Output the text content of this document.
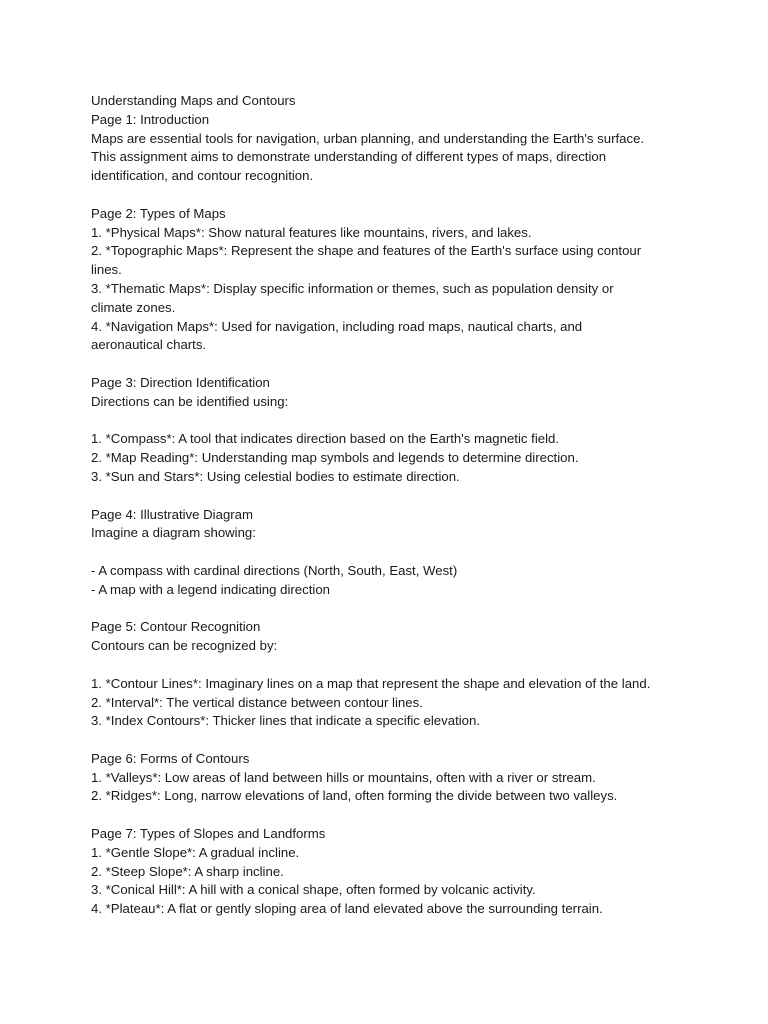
Understanding Maps and Contours
Page 1: Introduction
Maps are essential tools for navigation, urban planning, and understanding the Earth's surface.
This assignment aims to demonstrate understanding of different types of maps, direction
identification, and contour recognition.
Page 2: Types of Maps
1. *Physical Maps*: Show natural features like mountains, rivers, and lakes.
2. *Topographic Maps*: Represent the shape and features of the Earth's surface using contour
lines.
3. *Thematic Maps*: Display specific information or themes, such as population density or
climate zones.
4. *Navigation Maps*: Used for navigation, including road maps, nautical charts, and
aeronautical charts.
Page 3: Direction Identification
Directions can be identified using:
1. *Compass*: A tool that indicates direction based on the Earth's magnetic field.
2. *Map Reading*: Understanding map symbols and legends to determine direction.
3. *Sun and Stars*: Using celestial bodies to estimate direction.
Page 4: Illustrative Diagram
Imagine a diagram showing:
- A compass with cardinal directions (North, South, East, West)
- A map with a legend indicating direction
Page 5: Contour Recognition
Contours can be recognized by:
1. *Contour Lines*: Imaginary lines on a map that represent the shape and elevation of the land.
2. *Interval*: The vertical distance between contour lines.
3. *Index Contours*: Thicker lines that indicate a specific elevation.
Page 6: Forms of Contours
1. *Valleys*: Low areas of land between hills or mountains, often with a river or stream.
2. *Ridges*: Long, narrow elevations of land, often forming the divide between two valleys.
Page 7: Types of Slopes and Landforms
1. *Gentle Slope*: A gradual incline.
2. *Steep Slope*: A sharp incline.
3. *Conical Hill*: A hill with a conical shape, often formed by volcanic activity.
4. *Plateau*: A flat or gently sloping area of land elevated above the surrounding terrain.
